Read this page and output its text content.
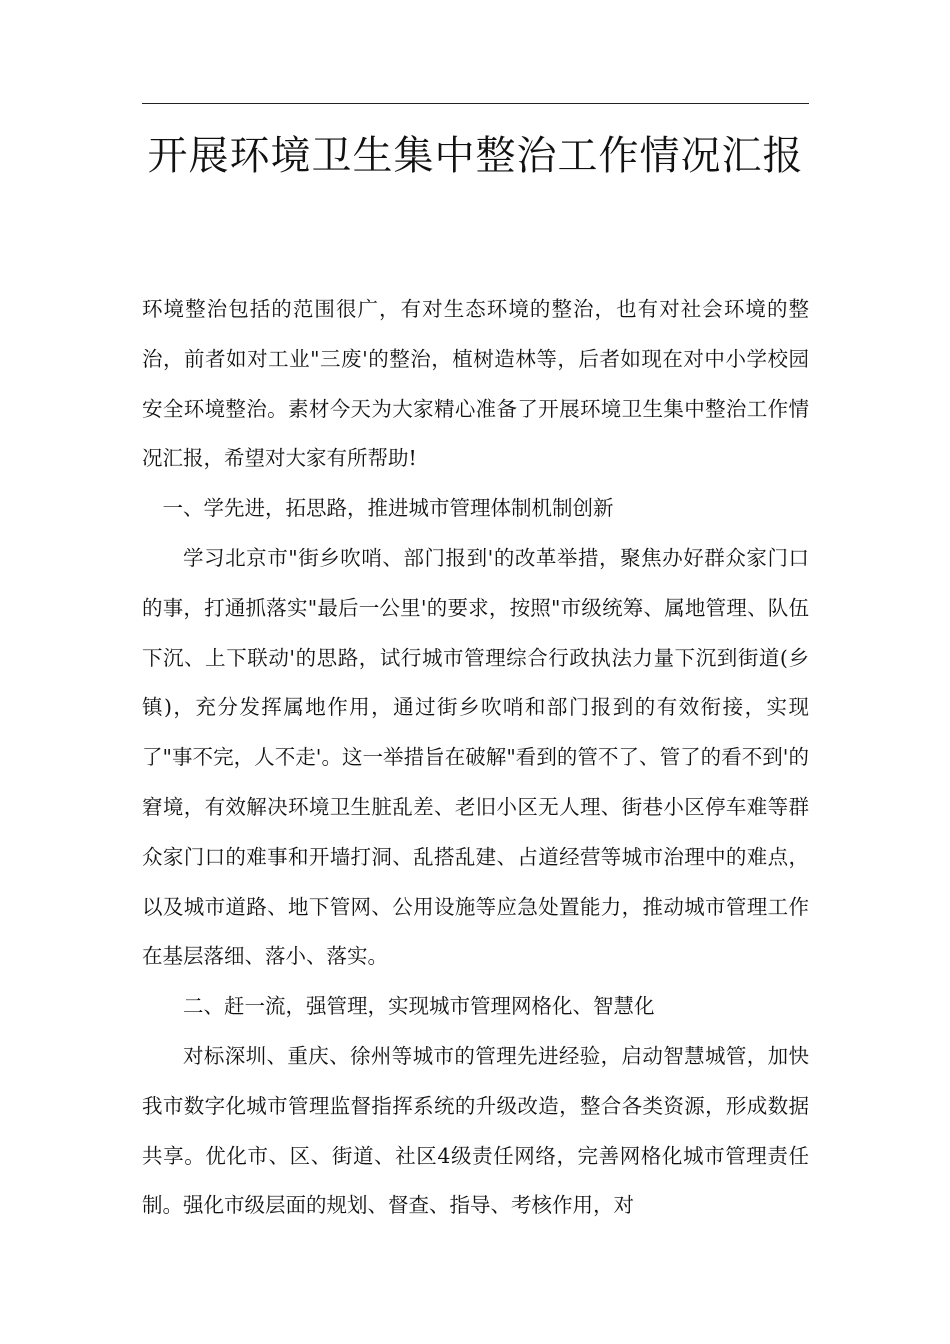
开展环境卫生集中整治工作情况汇报

环境整治包括的范围很广，有对生态环境的整治，也有对社会环境的整治，前者如对工业"三废'的整治，植树造林等，后者如现在对中小学校园安全环境整治。素材今天为大家精心准备了开展环境卫生集中整治工作情况汇报，希望对大家有所帮助!

一、学先进，拓思路，推进城市管理体制机制创新

学习北京市"街乡吹哨、部门报到'的改革举措，聚焦办好群众家门口的事，打通抓落实"最后一公里'的要求，按照"市级统筹、属地管理、队伍下沉、上下联动'的思路，试行城市管理综合行政执法力量下沉到街道(乡镇)，充分发挥属地作用，通过街乡吹哨和部门报到的有效衔接，实现了"事不完，人不走'。这一举措旨在破解"看到的管不了、管了的看不到'的窘境，有效解决环境卫生脏乱差、老旧小区无人理、街巷小区停车难等群众家门口的难事和开墙打洞、乱搭乱建、占道经营等城市治理中的难点，以及城市道路、地下管网、公用设施等应急处置能力，推动城市管理工作在基层落细、落小、落实。

二、赶一流，强管理，实现城市管理网格化、智慧化

对标深圳、重庆、徐州等城市的管理先进经验，启动智慧城管，加快我市数字化城市管理监督指挥系统的升级改造，整合各类资源，形成数据共享。优化市、区、街道、社区4级责任网络，完善网格化城市管理责任制。强化市级层面的规划、督查、指导、考核作用，对
